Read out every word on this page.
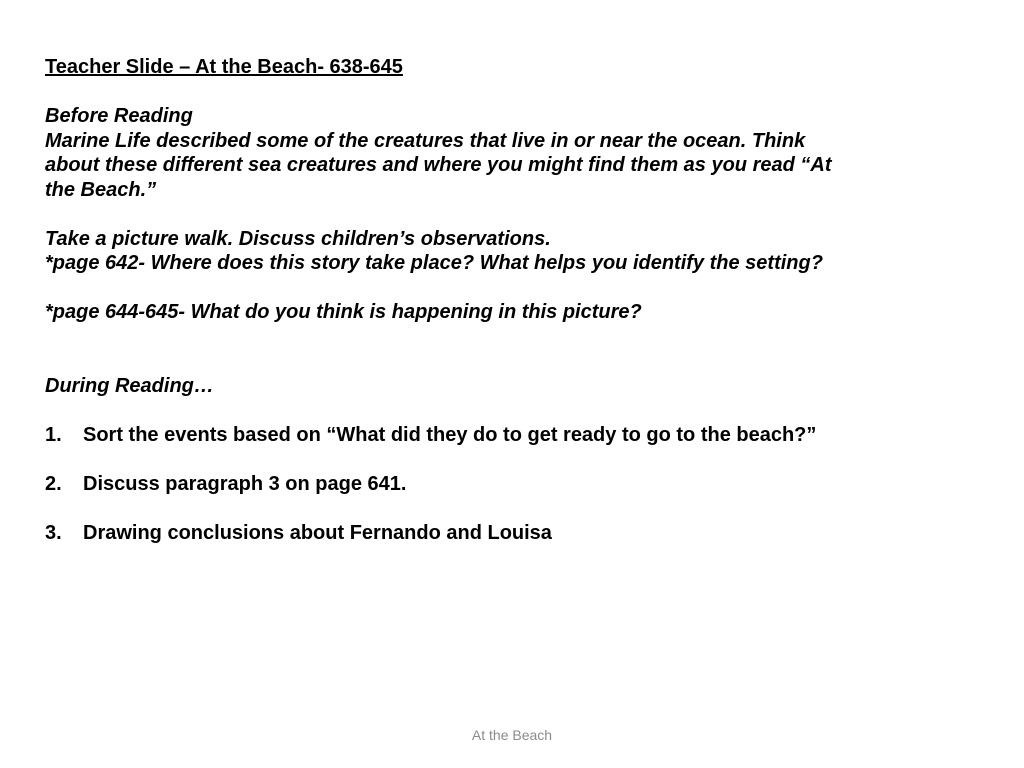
Teacher Slide – At the Beach- 638-645

Before Reading

Marine Life described some of the creatures that live in or near the ocean. Think

about these different sea creatures and where you might find them as you read “At

the Beach.”

Take a picture walk. Discuss children’s observations.

*page 642- Where does this story take place? What helps you identify the setting?

*page 644-645- What do you think is happening in this picture?

During Reading…

1.	Sort the events based on “What did they do to get ready to go to the beach?”
2.	Discuss paragraph 3 on page 641.
3.	Drawing conclusions about Fernando and Louisa
At the Beach
